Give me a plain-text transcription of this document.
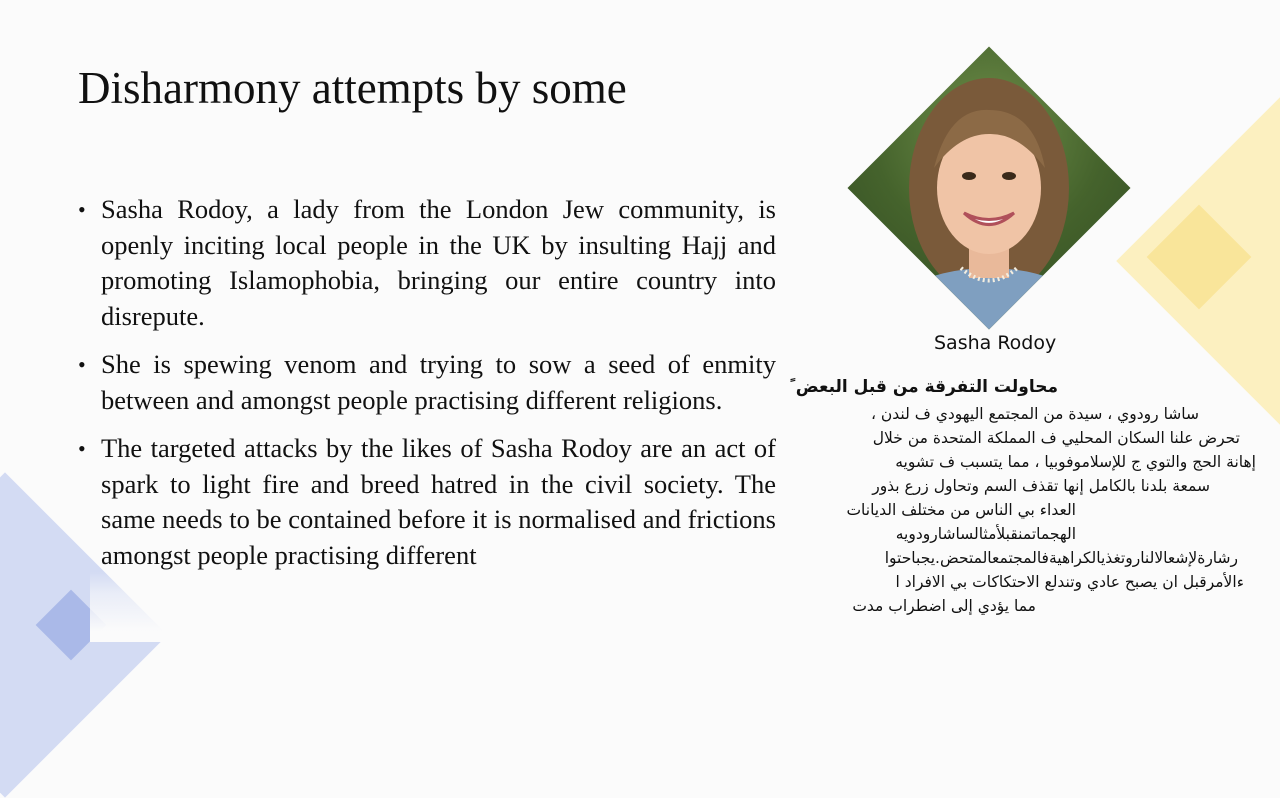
Disharmony attempts by some
• Sasha Rodoy, a lady from the London Jew community, is openly inciting local people in the UK by insulting Hajj and promoting Islamophobia, bringing our entire country into disrepute.
• She is spewing venom and trying to sow a seed of enmity between and amongst people practising different religions.
• The targeted attacks by the likes of Sasha Rodoy are an act of spark to light fire and breed hatred in the civil society. The same needs to be contained before it is normalised and frictions amongst people practising different
Sasha Rodoy
محاولت التفرقة من قبل البعض ً
ساشا رودوي ، سيدة من المجتمع اليهودي ف لندن ،
تحرض علنا السكان المحليي ف المملكة المتحدة من خلال
إهانة الحج والتوي ج للإسلاموفوبيا ، مما يتسبب ف تشويه
سمعة بلدنا بالكامل إنها تقذف السم وتحاول زرع بذور
العداء بي الناس من مختلف الديانات
الهجماتمنقبلأمثالساشارودويه
رشارةلإشعالالناروتغذيالكراهيةفالمجتمعالمتحض.يجباحتوا
ءالأمرقبل ان يصبح عادي وتندلع الاحتكاكات بي الافراد ا
مما يؤدي إلى اضطراب مدت
